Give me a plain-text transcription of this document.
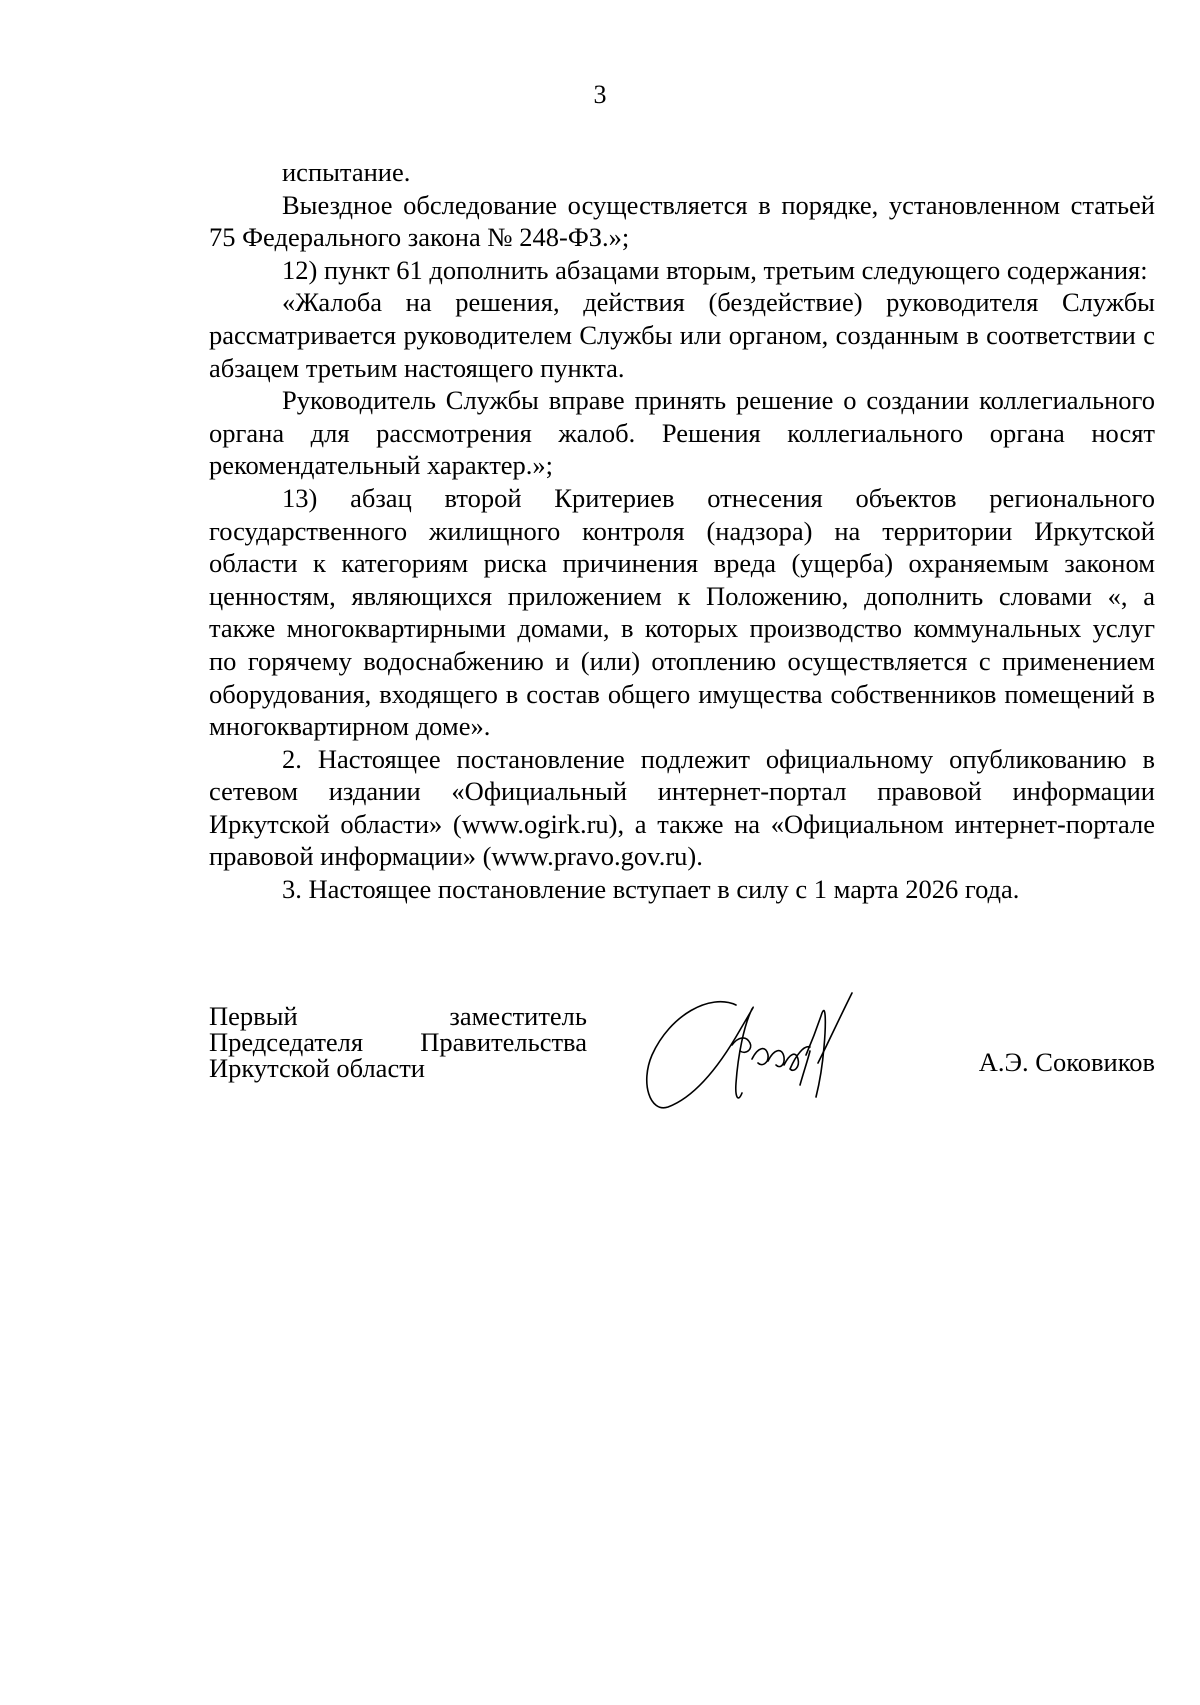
3

испытание.

Выездное обследование осуществляется в порядке, установленном статьей 75 Федерального закона № 248-ФЗ.»;

12) пункт 61 дополнить абзацами вторым, третьим следующего содержания:

«Жалоба на решения, действия (бездействие) руководителя Службы рассматривается руководителем Службы или органом, созданным в соответствии с абзацем третьим настоящего пункта.

Руководитель Службы вправе принять решение о создании коллегиального органа для рассмотрения жалоб. Решения коллегиального органа носят рекомендательный характер.»;

13) абзац второй Критериев отнесения объектов регионального государственного жилищного контроля (надзора) на территории Иркутской области к категориям риска причинения вреда (ущерба) охраняемым законом ценностям, являющихся приложением к Положению, дополнить словами «, а также многоквартирными домами, в которых производство коммунальных услуг по горячему водоснабжению и (или) отоплению осуществляется с применением оборудования, входящего в состав общего имущества собственников помещений в многоквартирном доме».

2. Настоящее постановление подлежит официальному опубликованию в сетевом издании «Официальный интернет-портал правовой информации Иркутской области» (www.ogirk.ru), а также на «Официальном интернет-портале правовой информации» (www.pravo.gov.ru).

3. Настоящее постановление вступает в силу с 1 марта 2026 года.

Первый заместитель
Председателя Правительства
Иркутской области	А.Э. Соковиков
